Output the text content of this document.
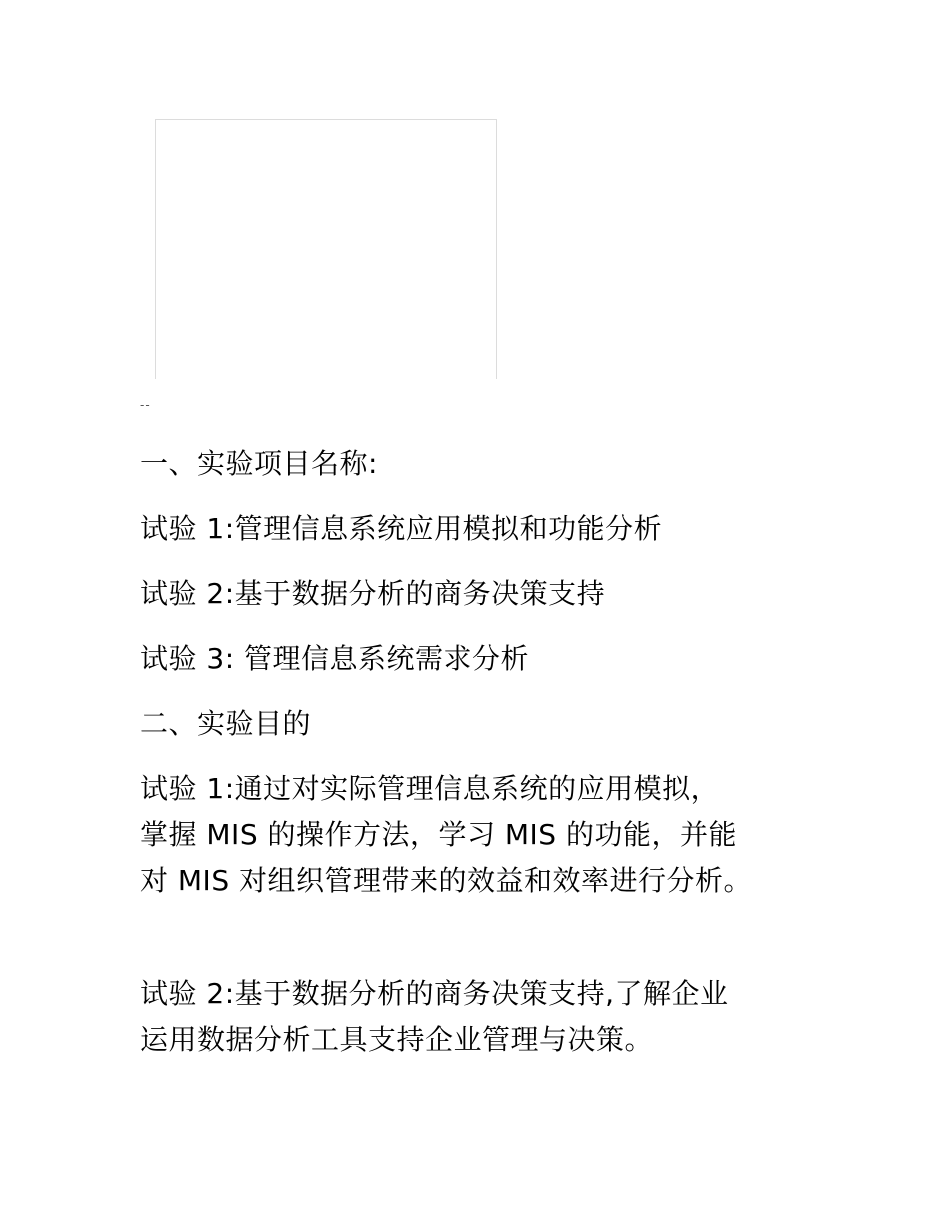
--
一、实验项目名称:
试验 1:管理信息系统应用模拟和功能分析
试验 2:基于数据分析的商务决策支持
试验 3: 管理信息系统需求分析
二、实验目的
试验 1:通过对实际管理信息系统的应用模拟，
掌握 MIS 的操作方法，学习 MIS 的功能，并能
对 MIS 对组织管理带来的效益和效率进行分析。
试验 2:基于数据分析的商务决策支持,了解企业
运用数据分析工具支持企业管理与决策。
